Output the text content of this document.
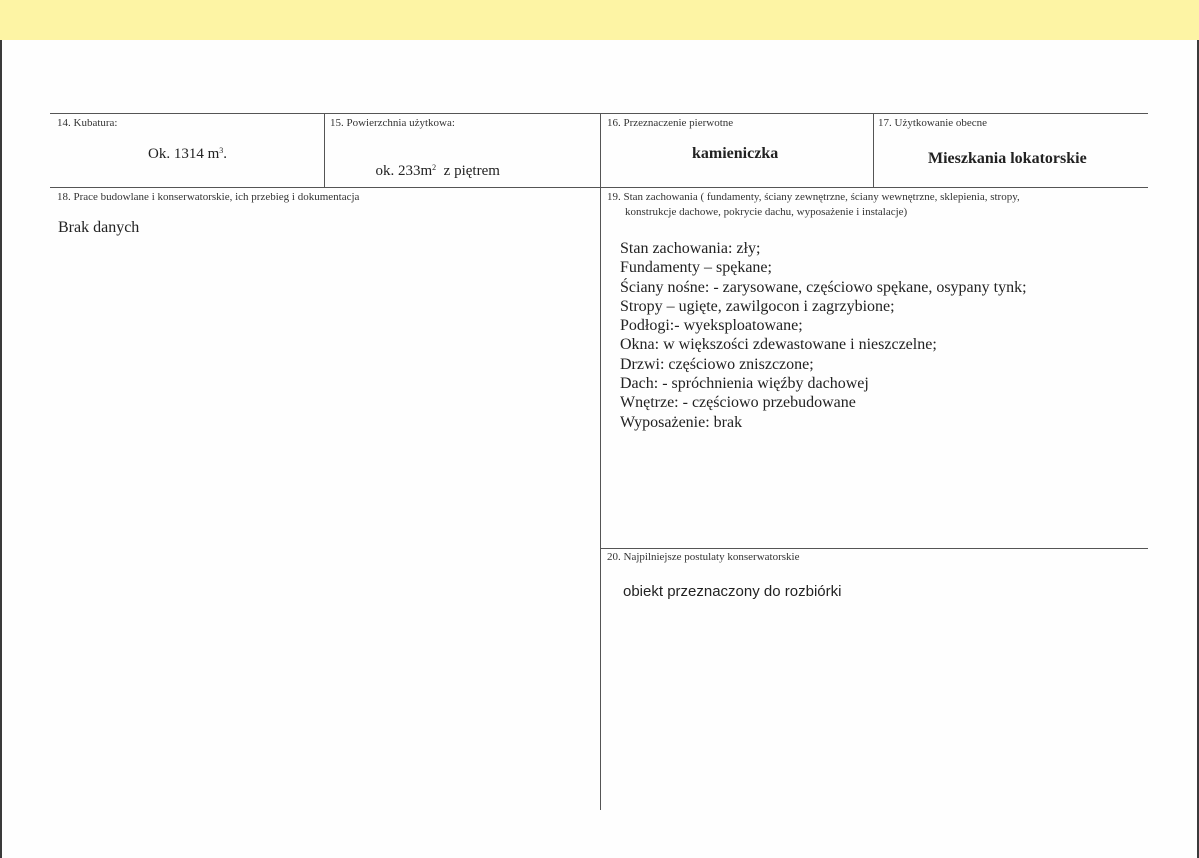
14. Kubatura:
Ok. 1314 $m^3$.
15. Powierzchnia użytkowa:

ok. $233m^2$  z piętrem

16. Przeznaczenie pierwotne
kamieniczka
17. Użytkowanie obecne
Mieszkania lokatorskie
18. Prace budowlane i konserwatorskie, ich przebieg i dokumentacja
Brak danych
19. Stan zachowania ( fundamenty, ściany zewnętrzne, ściany wewnętrzne, sklepienia, stropy,
konstrukcje dachowe, pokrycie dachu, wyposażenie i instalacje)
Stan zachowania: zły;
Fundamenty – spękane;
Ściany nośne: - zarysowane, częściowo spękane, osypany tynk;
Stropy – ugięte, zawilgocon i zagrzybione;
Podłogi:- wyeksploatowane;
Okna: w większości zdewastowane i nieszczelne;
Drzwi: częściowo zniszczone;
Dach: - spróchnienia więźby dachowej
Wnętrze: - częściowo przebudowane
Wyposażenie: brak
20. Najpilniejsze postulaty konserwatorskie
obiekt przeznaczony do rozbiórki
